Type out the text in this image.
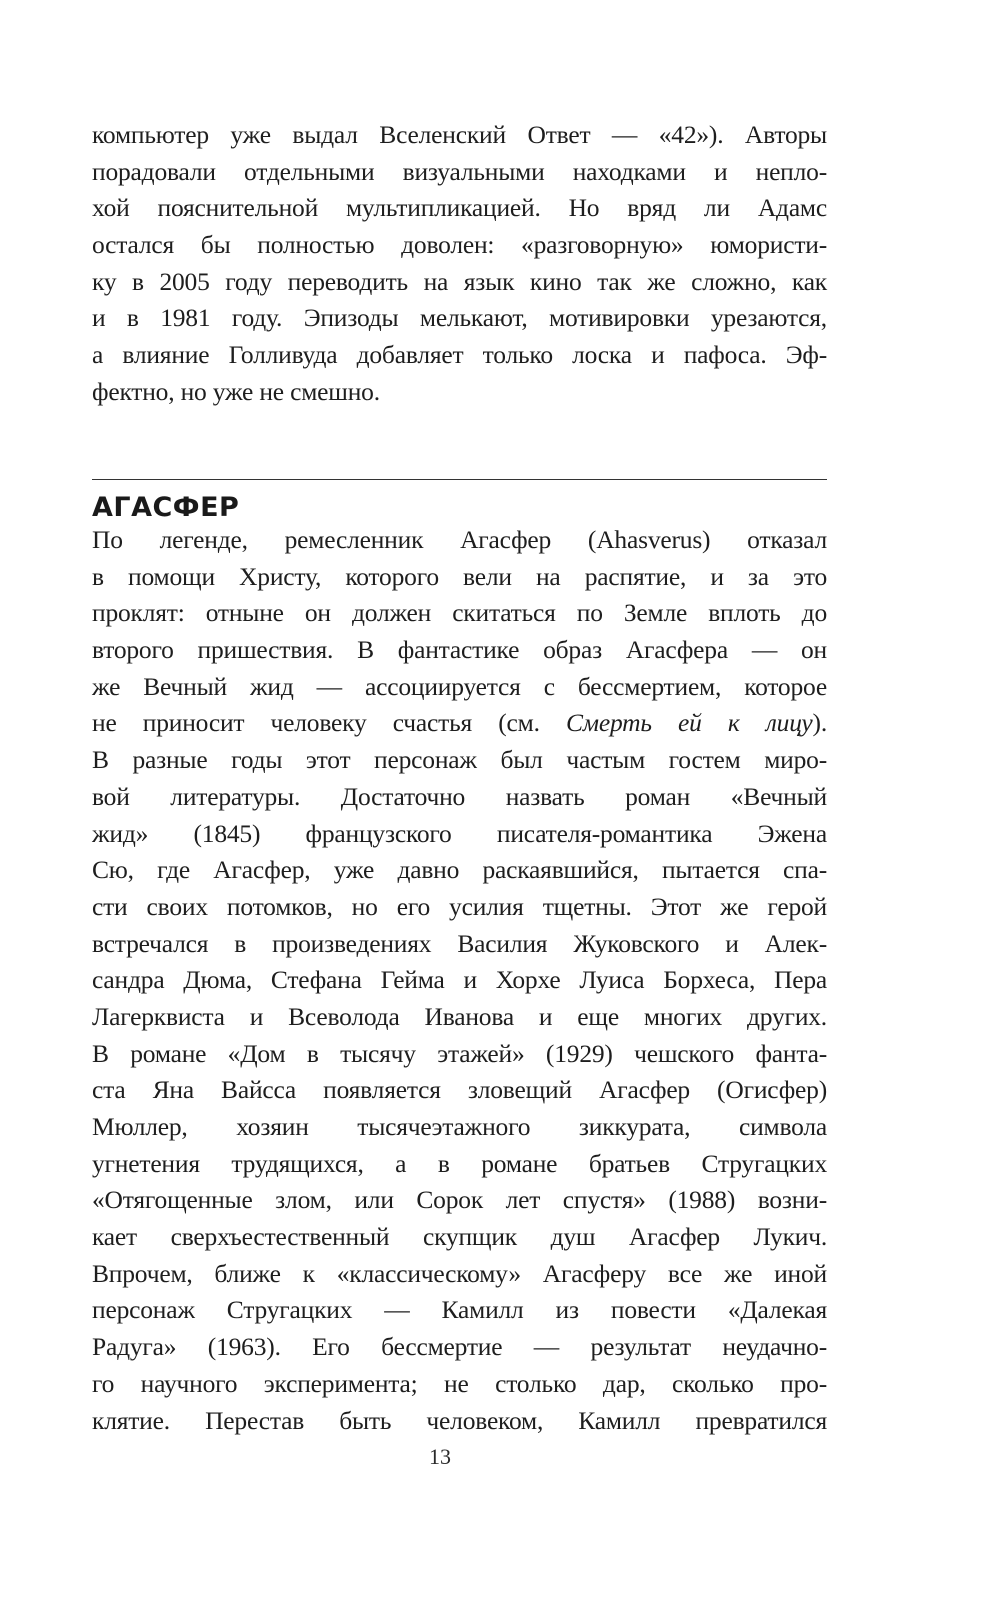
компьютер уже выдал Вселенский Ответ — «42»). Авторы
порадовали отдельными визуальными находками и непло-
хой пояснительной мультипликацией. Но вряд ли Адамс
остался бы полностью доволен: «разговорную» юмористи-
ку в 2005 году переводить на язык кино так же сложно, как
и в 1981 году. Эпизоды мелькают, мотивировки урезаются,
а влияние Голливуда добавляет только лоска и пафоса. Эф-
фектно, но уже не смешно.
АГАСФЕР
По легенде, ремесленник Агасфер (Ahasverus) отказал
в помощи Христу, которого вели на распятие, и за это
проклят: отныне он должен скитаться по Земле вплоть до
второго пришествия. В фантастике образ Агасфера — он
же Вечный жид — ассоциируется с бессмертием, которое
не приносит человеку счастья (см. Смерть ей к лицу).
В разные годы этот персонаж был частым гостем миро-
вой литературы. Достаточно назвать роман «Вечный
жид» (1845) французского писателя-романтика Эжена
Сю, где Агасфер, уже давно раскаявшийся, пытается спа-
сти своих потомков, но его усилия тщетны. Этот же герой
встречался в произведениях Василия Жуковского и Алек-
сандра Дюма, Стефана Гейма и Хорхе Луиса Борхеса, Пера
Лагерквиста и Всеволода Иванова и еще многих других.
В романе «Дом в тысячу этажей» (1929) чешского фанта-
ста Яна Вайсса появляется зловещий Агасфер (Огисфер)
Мюллер, хозяин тысячеэтажного зиккурата, символа
угнетения трудящихся, а в романе братьев Стругацких
«Отягощенные злом, или Сорок лет спустя» (1988) возни-
кает сверхъестественный скупщик душ Агасфер Лукич.
Впрочем, ближе к «классическому» Агасферу все же иной
персонаж Стругацких — Камилл из повести «Далекая
Радуга» (1963). Его бессмертие — результат неудачно-
го научного эксперимента; не столько дар, сколько про-
клятие. Перестав быть человеком, Камилл превратился
13
